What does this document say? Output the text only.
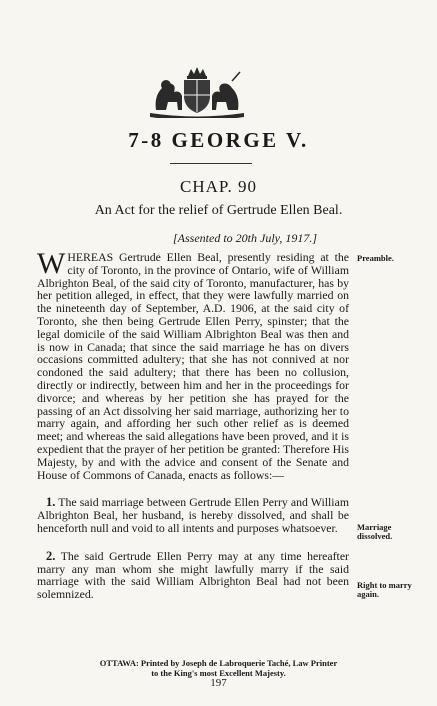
7-8 GEORGE V.
CHAP. 90
An Act for the relief of Gertrude Ellen Beal.
[Assented to 20th July, 1917.]
Preamble.
Marriage dissolved.
Right to marry again.

WHEREAS Gertrude Ellen Beal, presently residing at the city of Toronto, in the province of Ontario, wife of William Albrighton Beal, of the said city of Toronto, manufacturer, has by her petition alleged, in effect, that they were lawfully married on the nineteenth day of September, A.D. 1906, at the said city of Toronto, she then being Gertrude Ellen Perry, spinster; that the legal domicile of the said William Albrighton Beal was then and is now in Canada; that since the said marriage he has on divers occasions committed adultery; that she has not connived at nor condoned the said adultery; that there has been no collusion, directly or indirectly, between him and her in the proceedings for divorce; and whereas by her petition she has prayed for the passing of an Act dissolving her said marriage, authorizing her to marry again, and affording her such other relief as is deemed meet; and whereas the said allegations have been proved, and it is expedient that the prayer of her petition be granted: Therefore His Majesty, by and with the advice and consent of the Senate and House of Commons of Canada, enacts as follows:—

1. The said marriage between Gertrude Ellen Perry and William Albrighton Beal, her husband, is hereby dissolved, and shall be henceforth null and void to all intents and purposes whatsoever.

2. The said Gertrude Ellen Perry may at any time hereafter marry any man whom she might lawfully marry if the said marriage with the said William Albrighton Beal had not been solemnized.

OTTAWA: Printed by Joseph de Labroquerie Taché, Law Printer
to the King's most Excellent Majesty.
197
